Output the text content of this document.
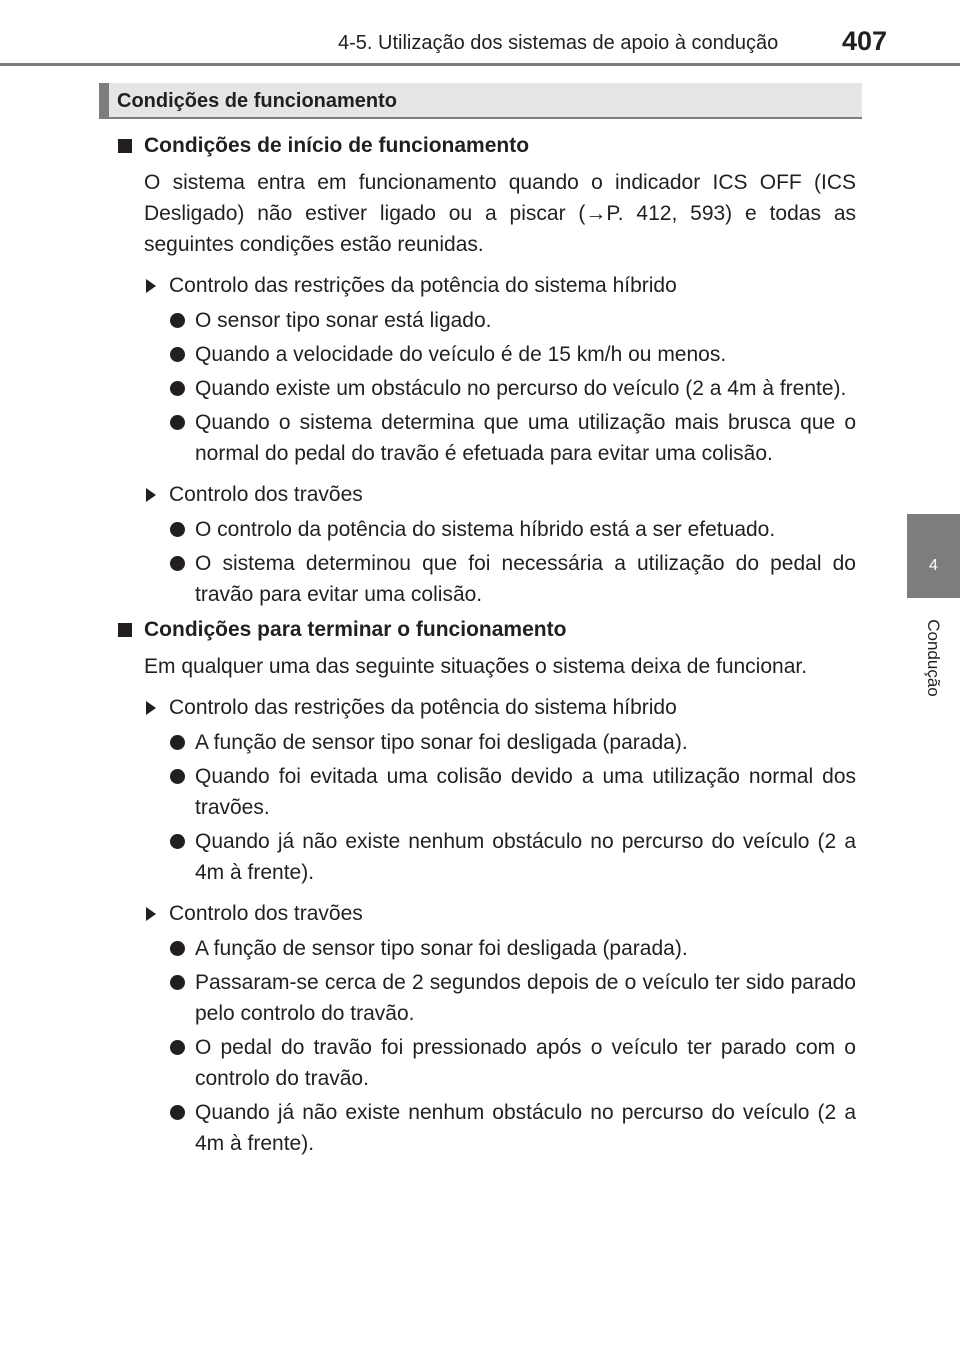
4-5. Utilização dos sistemas de apoio à condução 407
4
Condução
Condições de funcionamento
Condições de início de funcionamento
O sistema entra em funcionamento quando o indicador ICS OFF (ICS Desligado) não estiver ligado ou a piscar (→P. 412, 593) e todas as seguintes condições estão reunidas.
Controlo das restrições da potência do sistema híbrido
O sensor tipo sonar está ligado.
Quando a velocidade do veículo é de 15 km/h ou menos.
Quando existe um obstáculo no percurso do veículo (2 a 4m à frente).
Quando o sistema determina que uma utilização mais brusca que o normal do pedal do travão é efetuada para evitar uma colisão.
Controlo dos travões
O controlo da potência do sistema híbrido está a ser efetuado.
O sistema determinou que foi necessária a utilização do pedal do travão para evitar uma colisão.
Condições para terminar o funcionamento
Em qualquer uma das seguinte situações o sistema deixa de funcionar.
Controlo das restrições da potência do sistema híbrido
A função de sensor tipo sonar foi desligada (parada).
Quando foi evitada uma colisão devido a uma utilização normal dos travões.
Quando já não existe nenhum obstáculo no percurso do veículo (2 a 4m à frente).
Controlo dos travões
A função de sensor tipo sonar foi desligada (parada).
Passaram-se cerca de 2 segundos depois de o veículo ter sido parado pelo controlo do travão.
O pedal do travão foi pressionado após o veículo ter parado com o controlo do travão.
Quando já não existe nenhum obstáculo no percurso do veículo (2 a 4m à frente).
